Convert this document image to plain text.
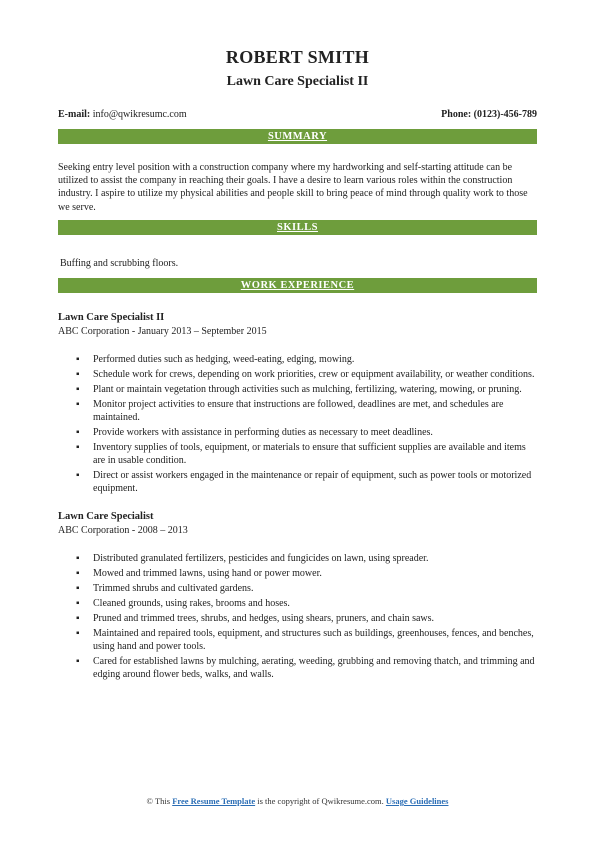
ROBERT SMITH
Lawn Care Specialist II
E-mail: info@qwikresumc.com	Phone: (0123)-456-789
SUMMARY

Seeking entry level position with a construction company where my hardworking and self-starting attitude can be utilized to assist the company in reaching their goals. I have a desire to learn various roles within the construction industry. I aspire to utilize my physical abilities and people skill to bring peace of mind through quality work to those we serve.

SKILLS

Buffing and scrubbing floors.

WORK EXPERIENCE
Lawn Care Specialist II
ABC Corporation - January 2013 – September 2015
▪ Performed duties such as hedging, weed-eating, edging, mowing.
▪ Schedule work for crews, depending on work priorities, crew or equipment availability, or weather conditions.
▪ Plant or maintain vegetation through activities such as mulching, fertilizing, watering, mowing, or pruning.
▪ Monitor project activities to ensure that instructions are followed, deadlines are met, and schedules are maintained.
▪ Provide workers with assistance in performing duties as necessary to meet deadlines.
▪ Inventory supplies of tools, equipment, or materials to ensure that sufficient supplies are available and items are in usable condition.
▪ Direct or assist workers engaged in the maintenance or repair of equipment, such as power tools or motorized equipment.
Lawn Care Specialist
ABC Corporation - 2008 – 2013
▪ Distributed granulated fertilizers, pesticides and fungicides on lawn, using spreader.
▪ Mowed and trimmed lawns, using hand or power mower.
▪ Trimmed shrubs and cultivated gardens.
▪ Cleaned grounds, using rakes, brooms and hoses.
▪ Pruned and trimmed trees, shrubs, and hedges, using shears, pruners, and chain saws.
▪ Maintained and repaired tools, equipment, and structures such as buildings, greenhouses, fences, and benches, using hand and power tools.
▪ Cared for established lawns by mulching, aerating, weeding, grubbing and removing thatch, and trimming and edging around flower beds, walks, and walls.
© This Free Resume Template is the copyright of Qwikresume.com. Usage Guidelines
